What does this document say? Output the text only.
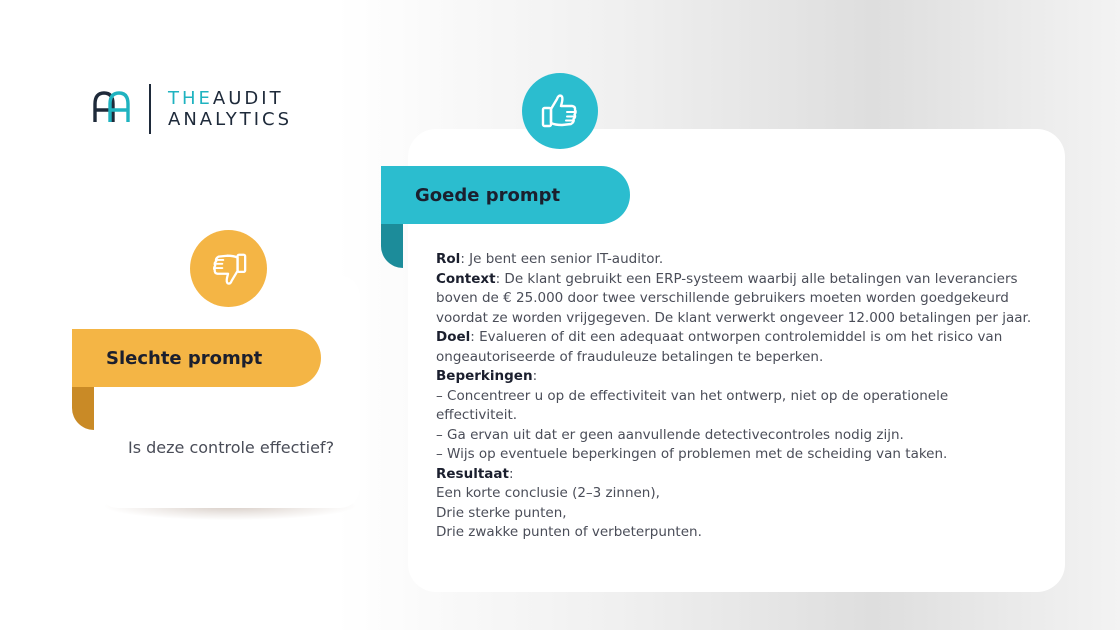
THEAUDIT
ANALYTICS
Goede prompt
Rol: Je bent een senior IT-auditor.
Context: De klant gebruikt een ERP-systeem waarbij alle betalingen van leveranciers
boven de € 25.000 door twee verschillende gebruikers moeten worden goedgekeurd
voordat ze worden vrijgegeven. De klant verwerkt ongeveer 12.000 betalingen per jaar.
Doel: Evalueren of dit een adequaat ontworpen controlemiddel is om het risico van
ongeautoriseerde of frauduleuze betalingen te beperken.
Beperkingen:
– Concentreer u op de effectiviteit van het ontwerp, niet op de operationele
effectiviteit.
– Ga ervan uit dat er geen aanvullende detectivecontroles nodig zijn.
– Wijs op eventuele beperkingen of problemen met de scheiding van taken.
Resultaat:
Een korte conclusie (2–3 zinnen),
Drie sterke punten,
Drie zwakke punten of verbeterpunten.
Slechte prompt
Is deze controle effectief?
